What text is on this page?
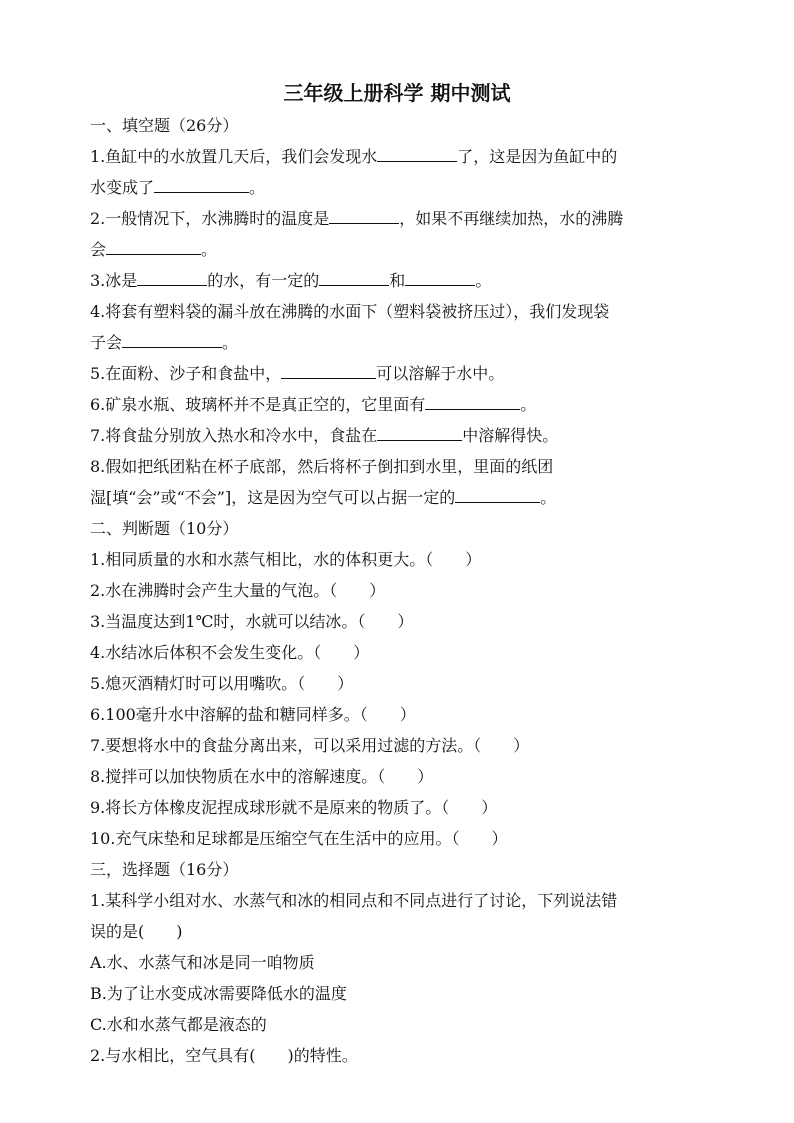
三年级上册科学 期中测试
一、填空题（26分）
1.鱼缸中的水放置几天后，我们会发现水	了，这是因为鱼缸中的
水变成了	。
2.一般情况下，水沸腾时的温度是	，如果不再继续加热，水的沸腾
会	。
3.冰是	的水，有一定的	和	。
4.将套有塑料袋的漏斗放在沸腾的水面下（塑料袋被挤压过），我们发现袋
子会	。
5.在面粉、沙子和食盐中，	可以溶解于水中。
6.矿泉水瓶、玻璃杯并不是真正空的，它里面有	。
7.将食盐分别放入热水和冷水中，食盐在	中溶解得快。
8.假如把纸团粘在杯子底部，然后将杯子倒扣到水里，里面的纸团
湿[填“会”或“不会”]，这是因为空气可以占据一定的	。
二、判断题（10分）
1.相同质量的水和水蒸气相比，水的体积更大。（　　）
2.水在沸腾时会产生大量的气泡。（　　）
3.当温度达到1℃时，水就可以结冰。（　　）
4.水结冰后体积不会发生变化。（　　）
5.熄灭酒精灯时可以用嘴吹。（　　）
6.100毫升水中溶解的盐和糖同样多。（　　）
7.要想将水中的食盐分离出来，可以采用过滤的方法。（　　）
8.搅拌可以加快物质在水中的溶解速度。（　　）
9.将长方体橡皮泥捏成球形就不是原来的物质了。（　　）
10.充气床垫和足球都是压缩空气在生活中的应用。（　　）
三，选择题（16分）
1.某科学小组对水、水蒸气和冰的相同点和不同点进行了讨论，下列说法错
误的是(　　)
A.水、水蒸气和冰是同一咱物质
B.为了让水变成冰需要降低水的温度
C.水和水蒸气都是液态的
2.与水相比，空气具有(　　)的特性。
